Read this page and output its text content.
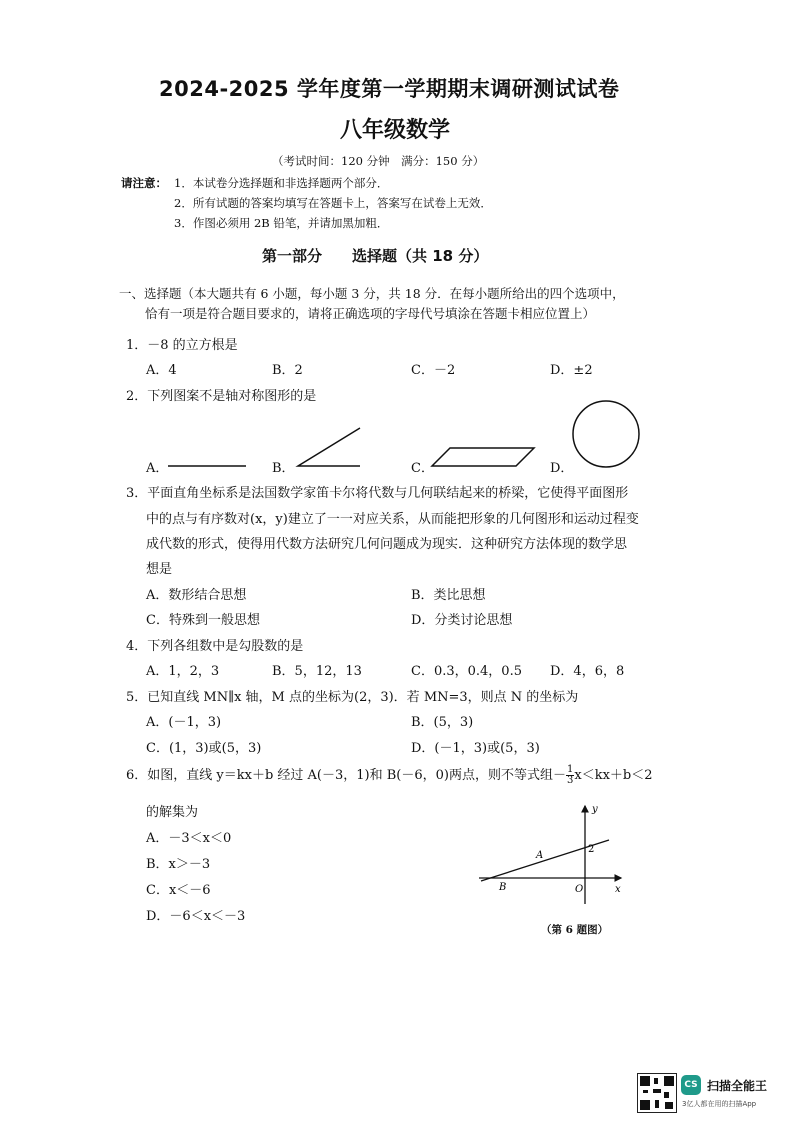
2024-2025 学年度第一学期期末调研测试试卷
八年级数学
（考试时间：120 分钟　满分：150 分）
请注意： 1．本试卷分选择题和非选择题两个部分．
2．所有试题的答案均填写在答题卡上，答案写在试卷上无效．
3．作图必须用 2B 铅笔，并请加黑加粗．
第一部分　　选择题（共 18 分）
一、选择题（本大题共有 6 小题，每小题 3 分，共 18 分．在每小题所给出的四个选项中，
恰有一项是符合题目要求的，请将正确选项的字母代号填涂在答题卡相应位置上）
1．－8 的立方根是
A．4	B．2	C．－2	D．±2
2．下列图案不是轴对称图形的是
A．	B．	C．	D．
3．平面直角坐标系是法国数学家笛卡尔将代数与几何联结起来的桥梁，它使得平面图形
中的点与有序数对(x，y)建立了一一对应关系，从而能把形象的几何图形和运动过程变
成代数的形式，使得用代数方法研究几何问题成为现实．这种研究方法体现的数学思
想是
A．数形结合思想	B．类比思想
C．特殊到一般思想	D．分类讨论思想
4．下列各组数中是勾股数的是
A．1，2，3	B．5，12，13	C．0.3，0.4，0.5 D．4，6，8
5．已知直线 MN∥x 轴，M 点的坐标为(2，3)．若 MN=3，则点 N 的坐标为
A．(－1，3)	B．(5，3)
C．(1，3)或(5，3)	D．(－1，3)或(5，3)
6．如图，直线 y＝kx＋b 经过 A(－3，1)和 B(－6，0)两点，则不等式组－ $\frac{1}{3} x<kx+b<2$
的解集为
A．－3＜x＜0
B．x＞－3
C．x＜－6
D．－6＜x＜－3
y
x
O
2
A
B
（第 6 题图）
CS 扫描全能王
3亿人都在用的扫描App
